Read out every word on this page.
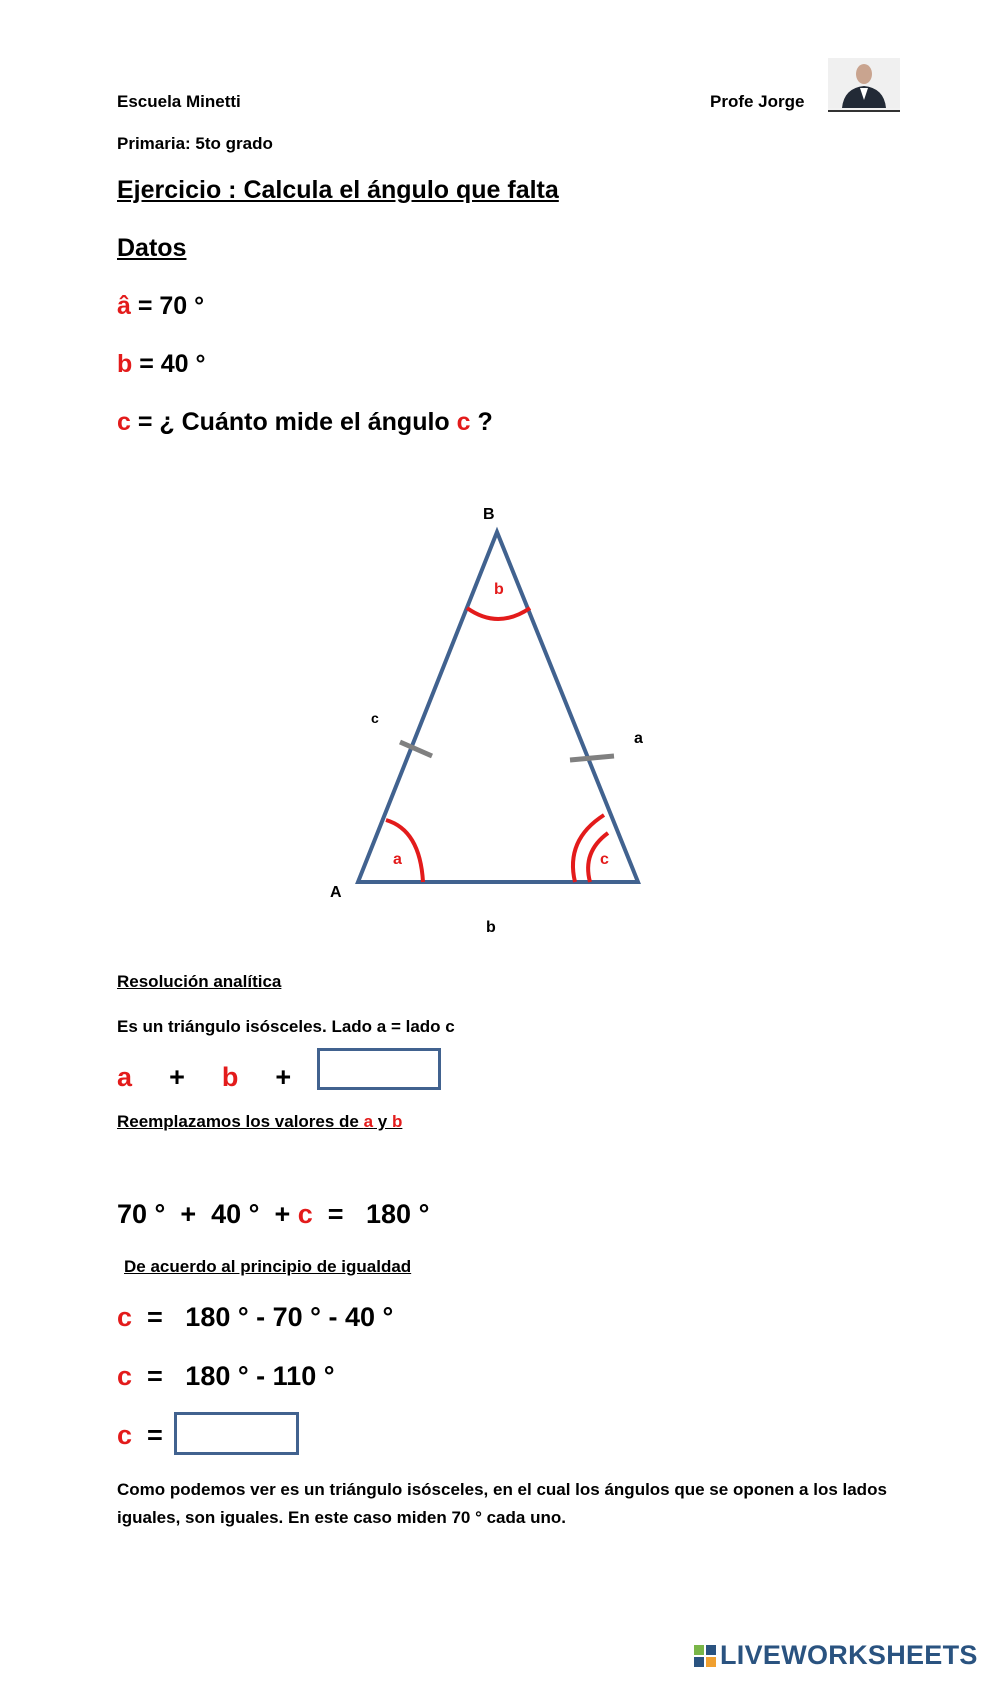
Escuela Minetti
Primaria: 5to grado
Profe Jorge
Ejercicio : Calcula el ángulo que falta
Datos
â = 70 °
b = 40 °
c = ¿ Cuánto mide el ángulo c ?
B
A
c
a
b
b
a	c
Resolución analítica
Es un triángulo isósceles. Lado a = lado c
a + b +
Reemplazamos los valores de a y b
70 °  +  40 °  + c  =   180 °
De acuerdo al principio de igualdad
c  =   180 ° - 70 ° - 40 °
c  =   180 ° - 110 °
c  =
Como podemos ver es un triángulo isósceles, en el cual los ángulos que se oponen a los lados
iguales, son iguales. En este caso miden 70 ° cada uno.
LIVEWORKSHEETS
